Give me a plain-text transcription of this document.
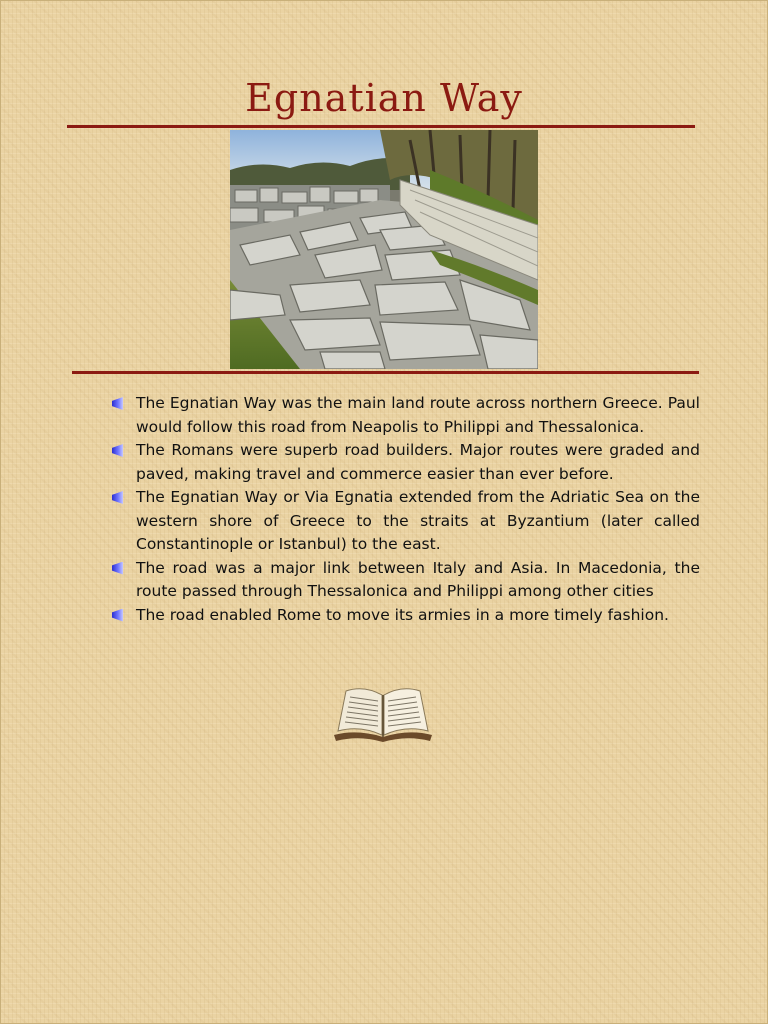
Egnatian Way
The Egnatian Way was the main land route across northern Greece. Paul would follow this road from Neapolis to Philippi and Thessalonica.
The Romans were superb road builders. Major routes were graded and paved, making travel and commerce easier than ever before.
The Egnatian Way or Via Egnatia extended from the Adriatic Sea on the western shore of Greece to the straits at Byzantium (later called Constantinople or Istanbul) to the east.
The road was a major link between Italy and Asia. In Macedonia, the route passed through Thessalonica and Philippi among other cities
The road enabled Rome to move its armies in a more timely fashion.
